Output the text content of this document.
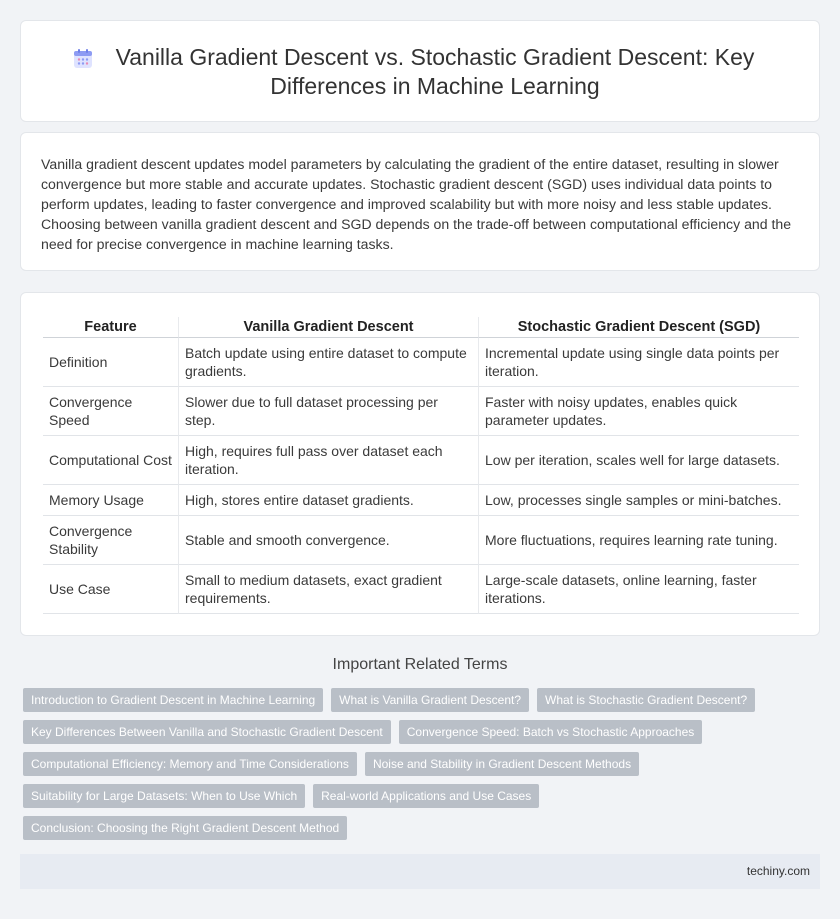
Vanilla Gradient Descent vs. Stochastic Gradient Descent: Key Differences in Machine Learning

Vanilla gradient descent updates model parameters by calculating the gradient of the entire dataset, resulting in slower convergence but more stable and accurate updates. Stochastic gradient descent (SGD) uses individual data points to perform updates, leading to faster convergence and improved scalability but with more noisy and less stable updates. Choosing between vanilla gradient descent and SGD depends on the trade-off between computational efficiency and the need for precise convergence in machine learning tasks.

Feature	Vanilla Gradient Descent	Stochastic Gradient Descent (SGD)
Definition	Batch update using entire dataset to compute gradients.	Incremental update using single data points per iteration.
Convergence Speed	Slower due to full dataset processing per step.	Faster with noisy updates, enables quick parameter updates.
Computational Cost	High, requires full pass over dataset each iteration.	Low per iteration, scales well for large datasets.
Memory Usage	High, stores entire dataset gradients.	Low, processes single samples or mini-batches.
Convergence Stability	Stable and smooth convergence.	More fluctuations, requires learning rate tuning.
Use Case	Small to medium datasets, exact gradient requirements.	Large-scale datasets, online learning, faster iterations.
Important Related Terms
Introduction to Gradient Descent in Machine Learning	What is Vanilla Gradient Descent?	What is Stochastic Gradient Descent?
Key Differences Between Vanilla and Stochastic Gradient Descent	Convergence Speed: Batch vs Stochastic Approaches
Computational Efficiency: Memory and Time Considerations	Noise and Stability in Gradient Descent Methods
Suitability for Large Datasets: When to Use Which	Real-world Applications and Use Cases
Conclusion: Choosing the Right Gradient Descent Method
techiny.com
